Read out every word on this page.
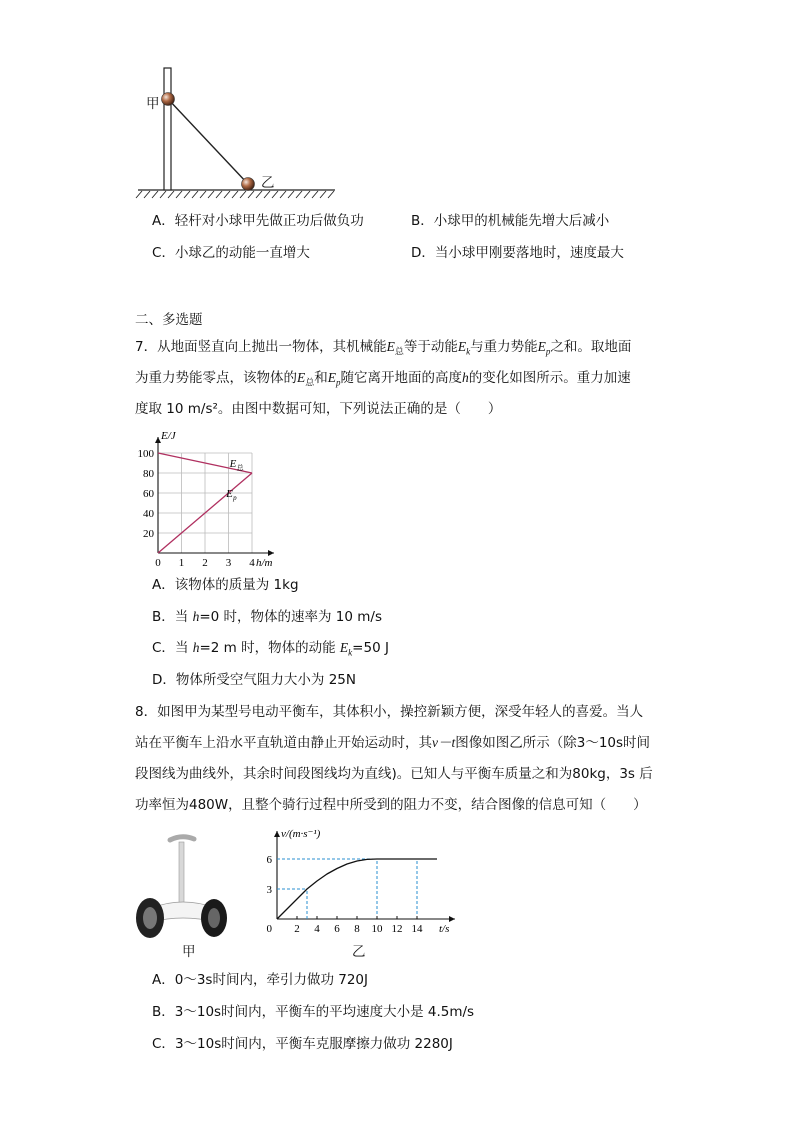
甲
乙
A．轻杆对小球甲先做正功后做负功	B．小球甲的机械能先增大后减小
C．小球乙的动能一直增大	D．当小球甲刚要落地时，速度最大
二、多选题
7．从地面竖直向上抛出一物体，其机械能$E_总$等于动能$E_k$与重力势能$E_p$之和。取地面
为重力势能零点，该物体的$E_总$和$E_p$随它离开地面的高度h的变化如图所示。重力加速
度取 10 m/s²。由图中数据可知，下列说法正确的是（　　）
0 1 2 3 4
20
40
60
80
100
E/J
h/m
E 总
E p
A．该物体的质量为 1kg
B．当 h=0 时，物体的速率为 10 m/s
C．当 h=2 m 时，物体的动能 $E_k=50$ J
D．物体所受空气阻力大小为 25N
8．如图甲为某型号电动平衡车，其体积小，操控新颖方便，深受年轻人的喜爱。当人
站在平衡车上沿水平直轨道由静止开始运动时，其v－t图像如图乙所示（除3～10s时间
段图线为曲线外，其余时间段图线均为直线)。已知人与平衡车质量之和为80kg，3s 后
功率恒为480W，且整个骑行过程中所受到的阻力不变，结合图像的信息可知（　　）
甲
2 4 6 8 10 12 14
3
6
0
v/(m·s⁻¹)
t/s
乙
A．0～3s时间内，牵引力做功 720J
B．3～10s时间内，平衡车的平均速度大小是 4.5m/s
C．3～10s时间内，平衡车克服摩擦力做功 2280J
